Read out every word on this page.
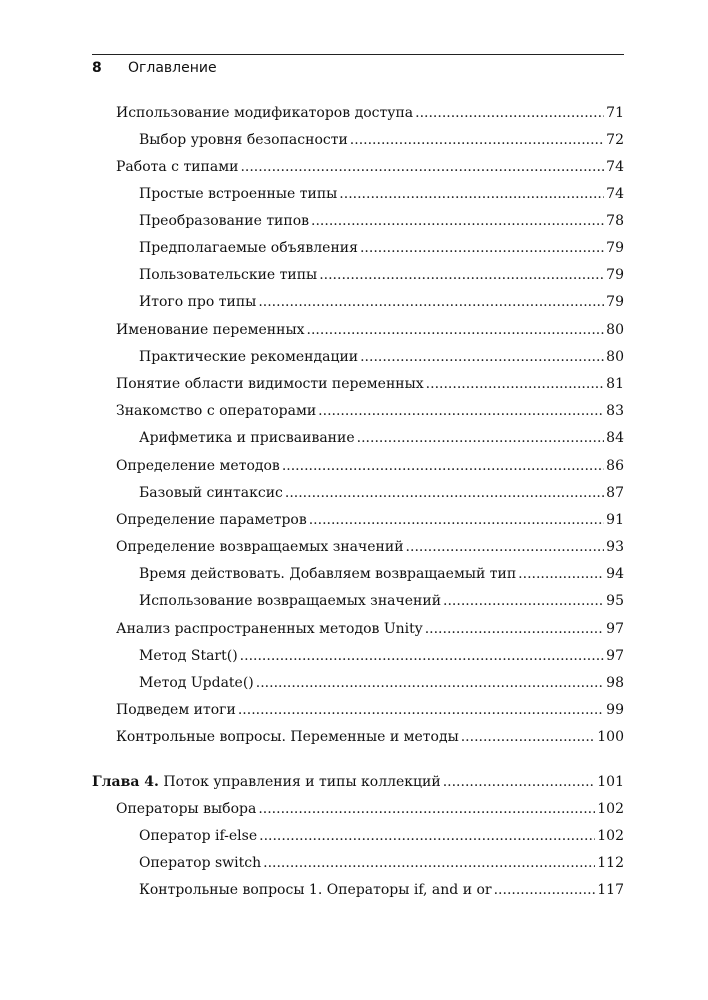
8	Оглавление
Использование модификаторов доступа .....	71
Выбор уровня безопасности .....	72
Работа с типами .....	74
Простые встроенные типы .....	74
Преобразование типов .....	78
Предполагаемые объявления .....	79
Пользовательские типы .....	79
Итого про типы .....	79
Именование переменных .....	80
Практические рекомендации .....	80
Понятие области видимости переменных .....	81
Знакомство с операторами .....	83
Арифметика и присваивание .....	84
Определение методов .....	86
Базовый синтаксис .....	87
Определение параметров .....	91
Определение возвращаемых значений .....	93
Время действовать. Добавляем возвращаемый тип .....	94
Использование возвращаемых значений .....	95
Анализ распространенных методов Unity .....	97
Метод Start() .....	97
Метод Update() .....	98
Подведем итоги .....	99
Контрольные вопросы. Переменные и методы .....	100
Глава 4. Поток управления и типы коллекций .....	101
Операторы выбора .....	102
Оператор if-else .....	102
Оператор switch .....	112
Контрольные вопросы 1. Операторы if, and и or .....	117
